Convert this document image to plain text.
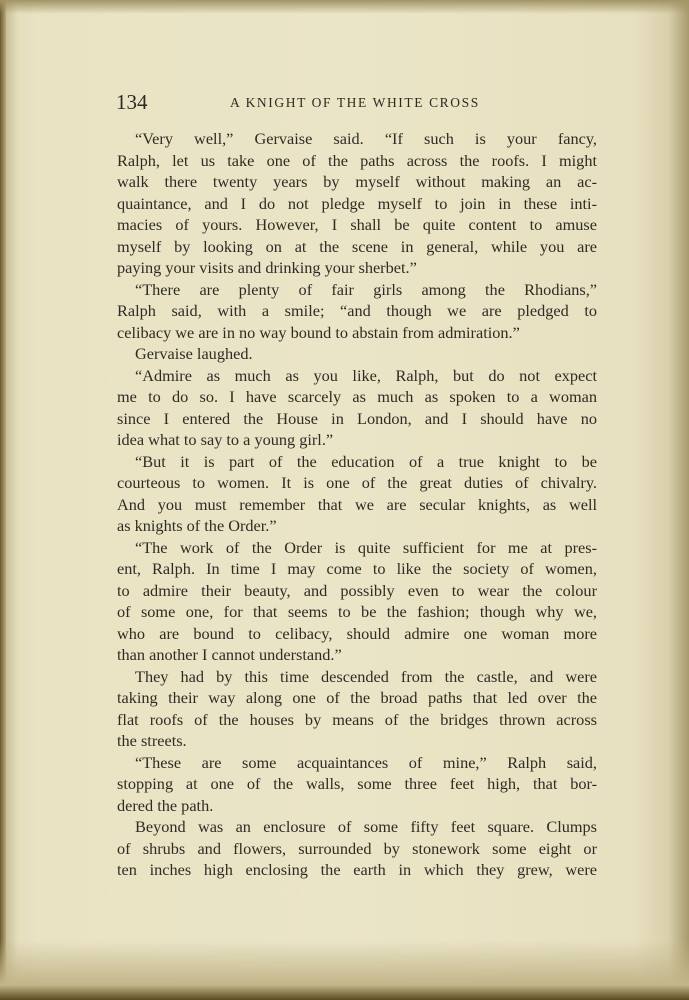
134	A KNIGHT OF THE WHITE CROSS
“Very well,” Gervaise said. “If such is your fancy,
Ralph, let us take one of the paths across the roofs. I might
walk there twenty years by myself without making an ac-
quaintance, and I do not pledge myself to join in these inti-
macies of yours. However, I shall be quite content to amuse
myself by looking on at the scene in general, while you are
paying your visits and drinking your sherbet.”
“There are plenty of fair girls among the Rhodians,”
Ralph said, with a smile; “and though we are pledged to
celibacy we are in no way bound to abstain from admiration.”
Gervaise laughed.
“Admire as much as you like, Ralph, but do not expect
me to do so. I have scarcely as much as spoken to a woman
since I entered the House in London, and I should have no
idea what to say to a young girl.”
“But it is part of the education of a true knight to be
courteous to women. It is one of the great duties of chivalry.
And you must remember that we are secular knights, as well
as knights of the Order.”
“The work of the Order is quite sufficient for me at pres-
ent, Ralph. In time I may come to like the society of women,
to admire their beauty, and possibly even to wear the colour
of some one, for that seems to be the fashion; though why we,
who are bound to celibacy, should admire one woman more
than another I cannot understand.”
They had by this time descended from the castle, and were
taking their way along one of the broad paths that led over the
flat roofs of the houses by means of the bridges thrown across
the streets.
“These are some acquaintances of mine,” Ralph said,
stopping at one of the walls, some three feet high, that bor-
dered the path.
Beyond was an enclosure of some fifty feet square. Clumps
of shrubs and flowers, surrounded by stonework some eight or
ten inches high enclosing the earth in which they grew, were
